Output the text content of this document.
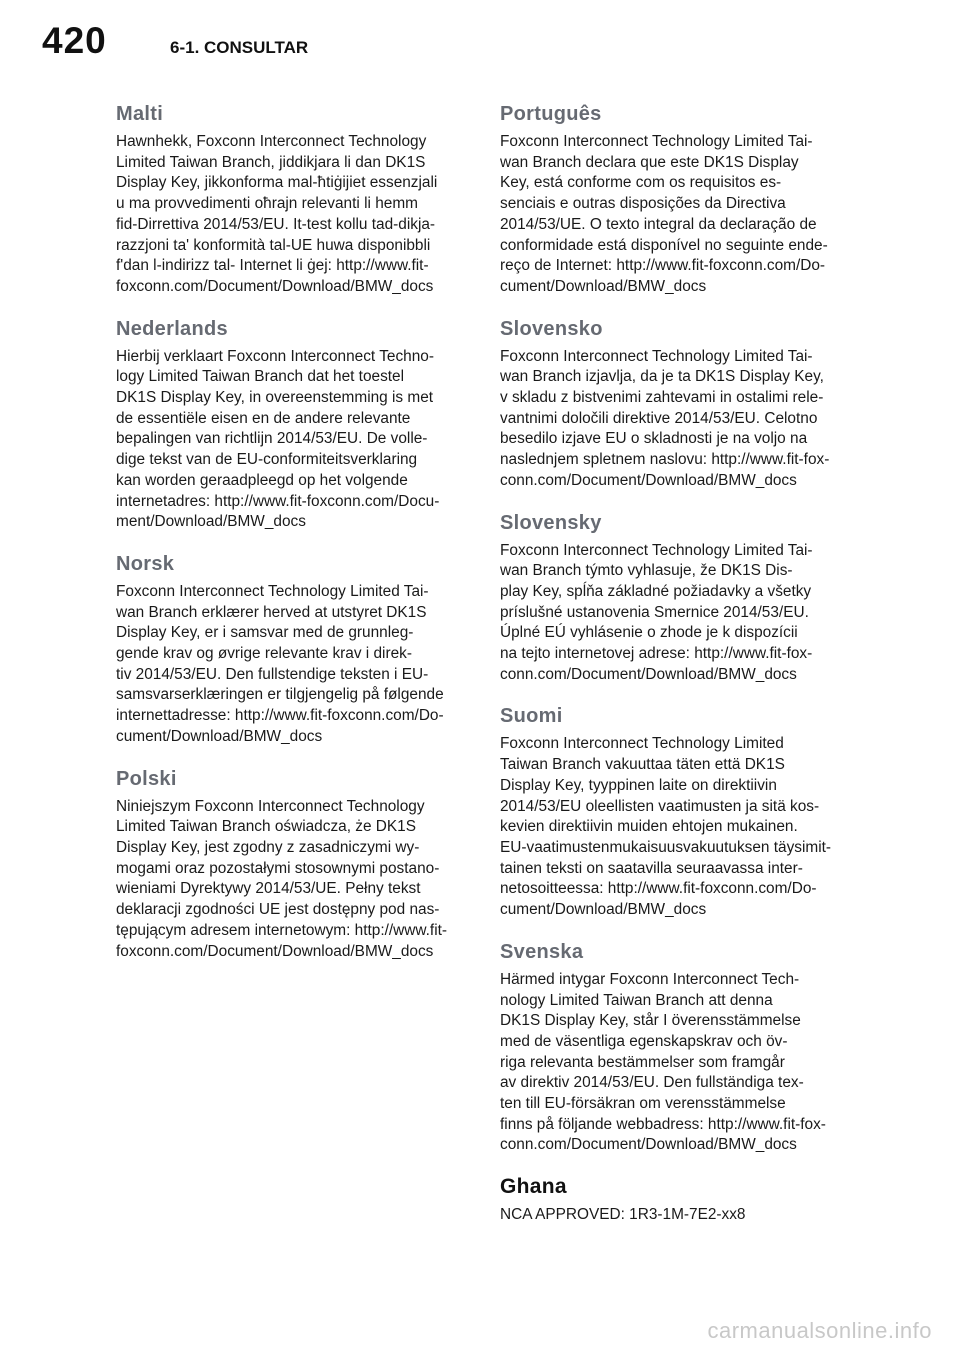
420	6-1. CONSULTAR
Malti
Hawnhekk, Foxconn Interconnect Technology
Limited Taiwan Branch, jiddikjara li dan DK1S
Display Key, jikkonforma mal-ħtiġijiet essenzjali
u ma provvedimenti oħrajn relevanti li hemm
fid-Dirrettiva 2014/53/EU. It-test kollu tad-dikja-
razzjoni ta' konformità tal-UE huwa disponibbli
f'dan l-indirizz tal- Internet li ġej: http://www.fit-
foxconn.com/Document/Download/BMW_docs
Nederlands
Hierbij verklaart Foxconn Interconnect Techno-
logy Limited Taiwan Branch dat het toestel
DK1S Display Key, in overeenstemming is met
de essentiële eisen en de andere relevante
bepalingen van richtlijn 2014/53/EU. De volle-
dige tekst van de EU-conformiteitsverklaring
kan worden geraadpleegd op het volgende
internetadres: http://www.fit-foxconn.com/Docu-
ment/Download/BMW_docs
Norsk
Foxconn Interconnect Technology Limited Tai-
wan Branch erklærer herved at utstyret DK1S
Display Key, er i samsvar med de grunnleg-
gende krav og øvrige relevante krav i direk-
tiv 2014/53/EU. Den fullstendige teksten i EU-
samsvarserklæringen er tilgjengelig på følgende
internettadresse: http://www.fit-foxconn.com/Do-
cument/Download/BMW_docs
Polski
Niniejszym Foxconn Interconnect Technology
Limited Taiwan Branch oświadcza, że DK1S
Display Key, jest zgodny z zasadniczymi wy-
mogami oraz pozostałymi stosownymi postano-
wieniami Dyrektywy 2014/53/UE. Pełny tekst
deklaracji zgodności UE jest dostępny pod nas-
tępującym adresem internetowym: http://www.fit-
foxconn.com/Document/Download/BMW_docs
Português
Foxconn Interconnect Technology Limited Tai-
wan Branch declara que este DK1S Display
Key, está conforme com os requisitos es-
senciais e outras disposições da Directiva
2014/53/UE. O texto integral da declaração de
conformidade está disponível no seguinte ende-
reço de Internet: http://www.fit-foxconn.com/Do-
cument/Download/BMW_docs
Slovensko
Foxconn Interconnect Technology Limited Tai-
wan Branch izjavlja, da je ta DK1S Display Key,
v skladu z bistvenimi zahtevami in ostalimi rele-
vantnimi določili direktive 2014/53/EU. Celotno
besedilo izjave EU o skladnosti je na voljo na
naslednjem spletnem naslovu: http://www.fit-fox-
conn.com/Document/Download/BMW_docs
Slovensky
Foxconn Interconnect Technology Limited Tai-
wan Branch týmto vyhlasuje, že DK1S Dis-
play Key, spĺňa základné požiadavky a všetky
príslušné ustanovenia Smernice 2014/53/EU.
Úplné EÚ vyhlásenie o zhode je k dispozícii
na tejto internetovej adrese: http://www.fit-fox-
conn.com/Document/Download/BMW_docs
Suomi
Foxconn Interconnect Technology Limited
Taiwan Branch vakuuttaa täten että DK1S
Display Key, tyyppinen laite on direktiivin
2014/53/EU oleellisten vaatimusten ja sitä kos-
kevien direktiivin muiden ehtojen mukainen.
EU-vaatimustenmukaisuusvakuutuksen täysimit-
tainen teksti on saatavilla seuraavassa inter-
netosoitteessa: http://www.fit-foxconn.com/Do-
cument/Download/BMW_docs
Svenska
Härmed intygar Foxconn Interconnect Tech-
nology Limited Taiwan Branch att denna
DK1S Display Key, står I överensstämmelse
med de väsentliga egenskapskrav och öv-
riga relevanta bestämmelser som framgår
av direktiv 2014/53/EU. Den fullständiga tex-
ten till EU-försäkran om verensstämmelse
finns på följande webbadress: http://www.fit-fox-
conn.com/Document/Download/BMW_docs
Ghana
NCA APPROVED: 1R3-1M-7E2-xx8
carmanualsonline.info
